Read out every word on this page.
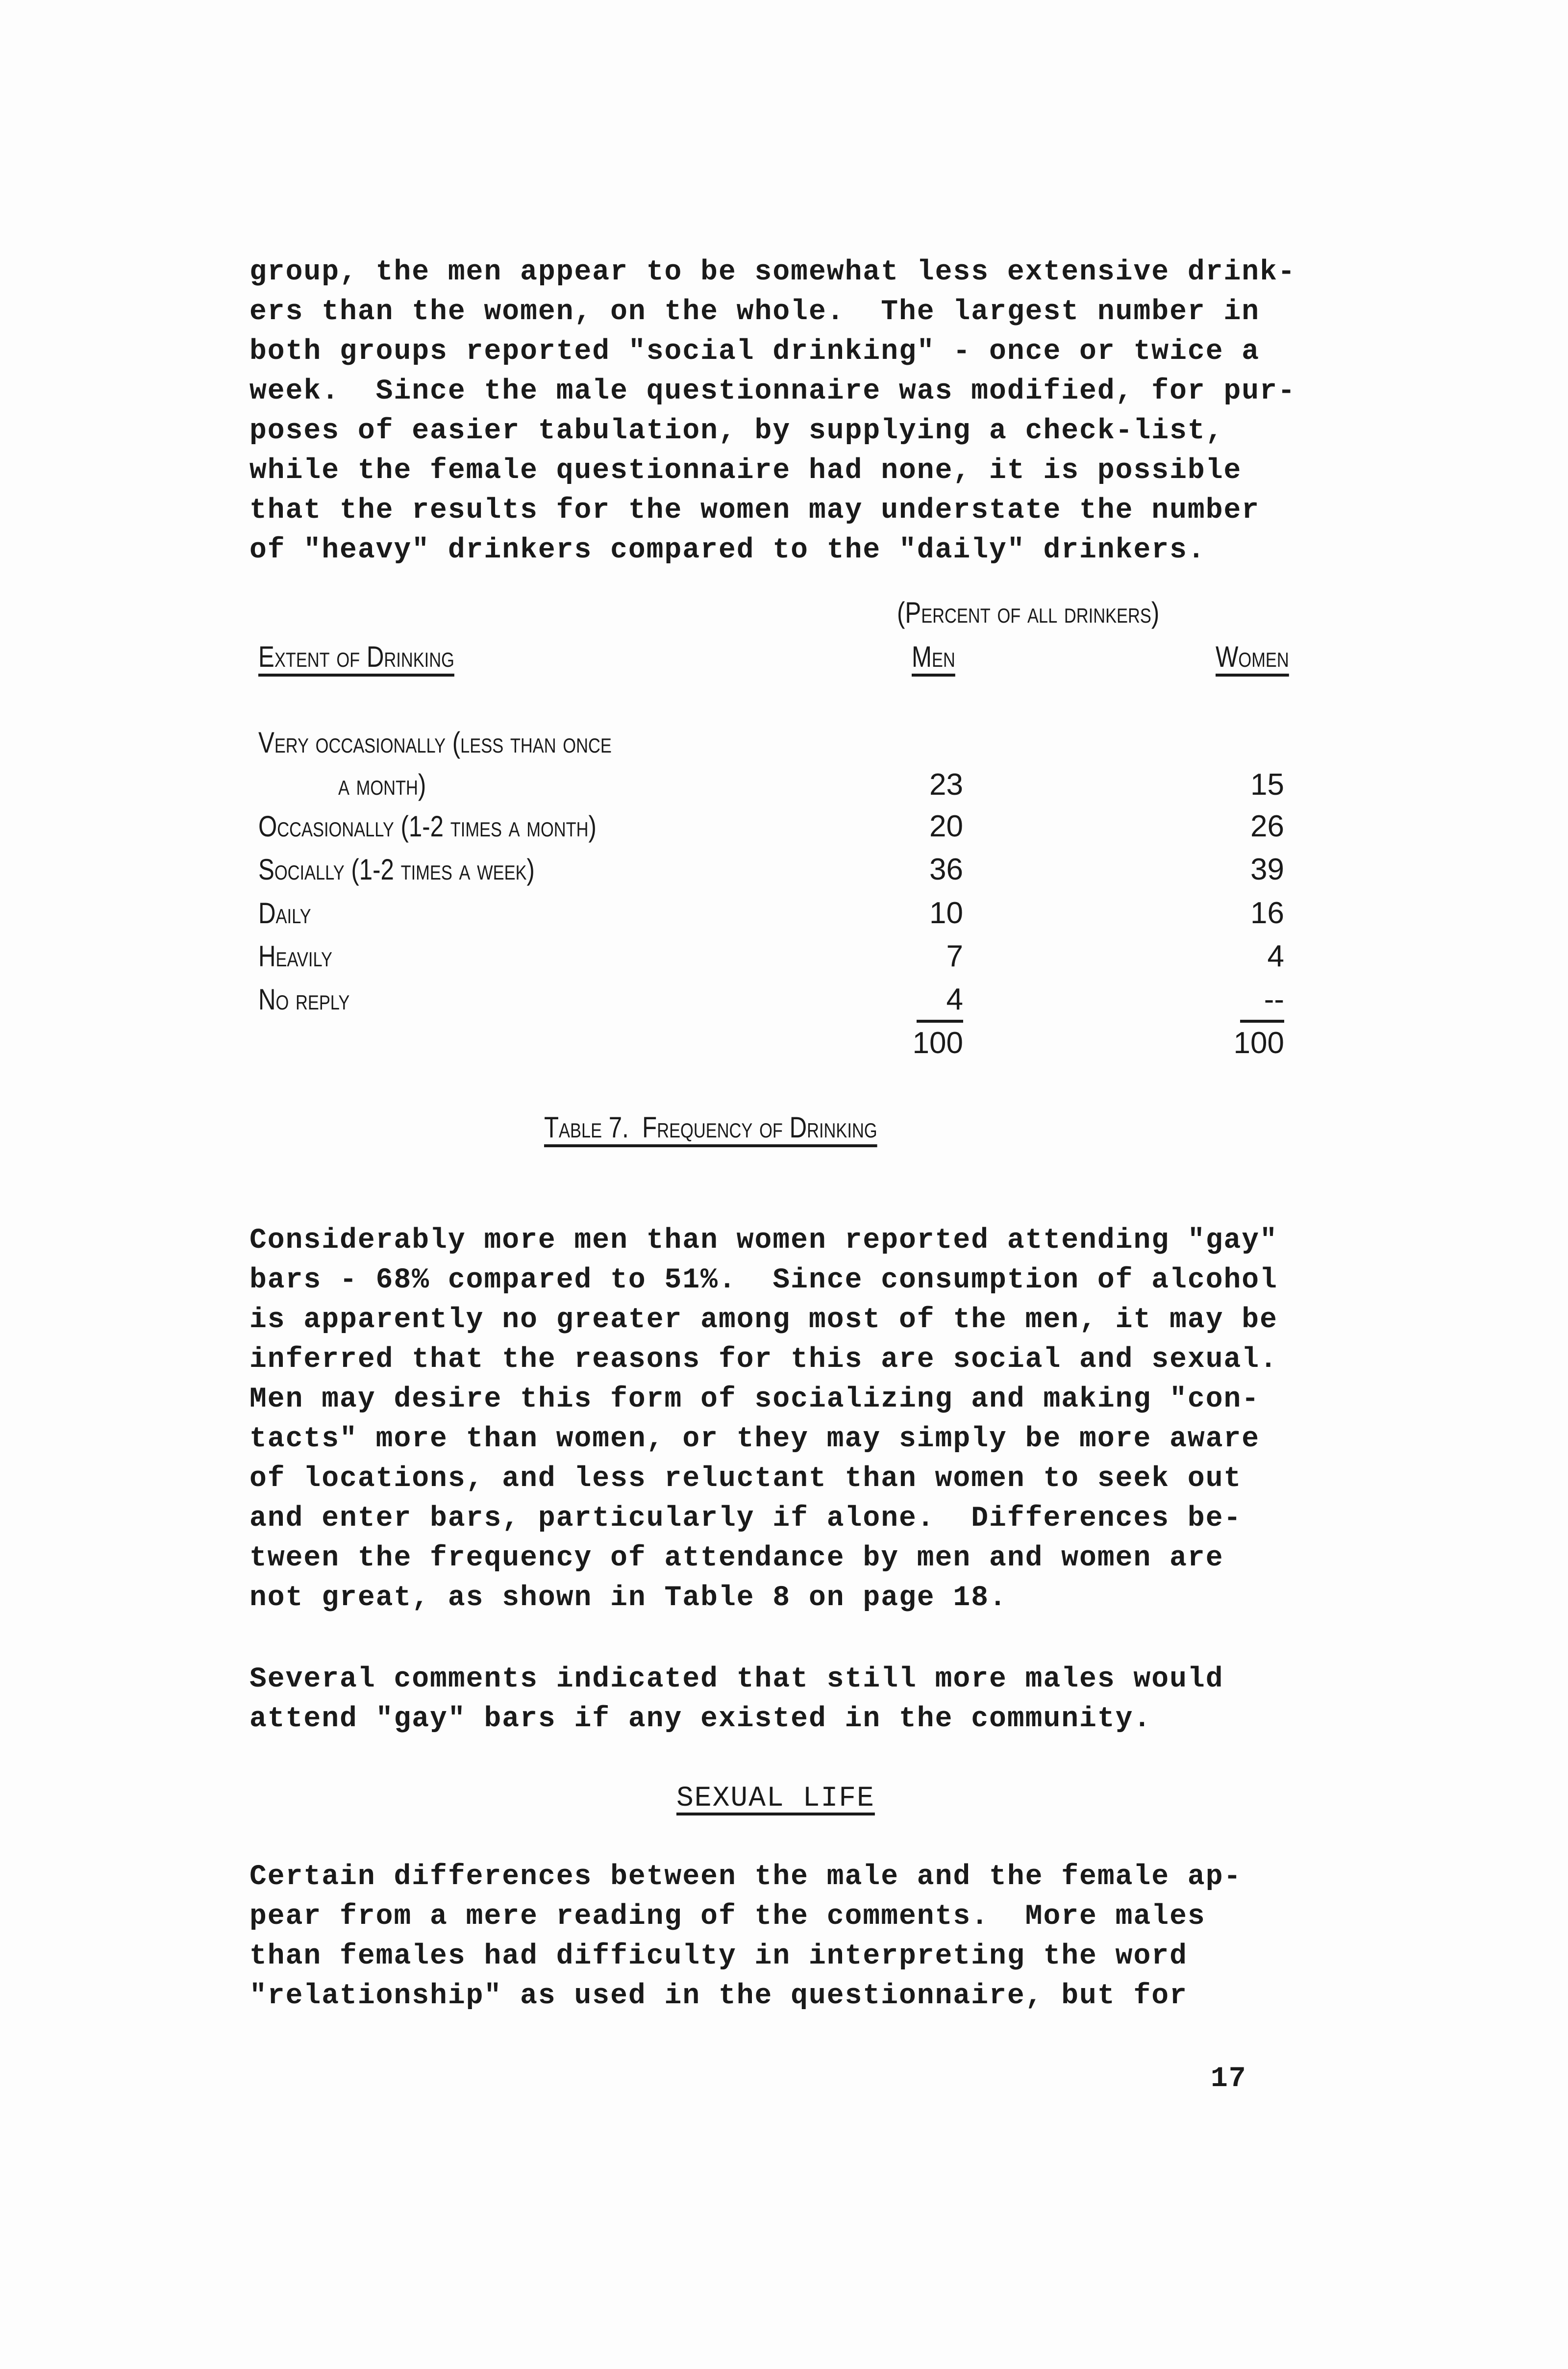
group, the men appear to be somewhat less extensive drink-
ers than the women, on the whole.  The largest number in
both groups reported "social drinking" - once or twice a
week.  Since the male questionnaire was modified, for pur-
poses of easier tabulation, by supplying a check-list,
while the female questionnaire had none, it is possible
that the results for the women may understate the number
of "heavy" drinkers compared to the "daily" drinkers.
(Percent of all drinkers)
Extent of Drinking	Men	Women
Very occasionally (less than once
a month)	23	15
Occasionally (1-2 times a month)	20	26
Socially (1-2 times a week)	36	39
Daily	10	16
Heavily	7	4
No reply	4	--
100	100
Table 7.  Frequency of Drinking
Considerably more men than women reported attending "gay"
bars - 68% compared to 51%.  Since consumption of alcohol
is apparently no greater among most of the men, it may be
inferred that the reasons for this are social and sexual.
Men may desire this form of socializing and making "con-
tacts" more than women, or they may simply be more aware
of locations, and less reluctant than women to seek out
and enter bars, particularly if alone.  Differences be-
tween the frequency of attendance by men and women are
not great, as shown in Table 8 on page 18.
Several comments indicated that still more males would
attend "gay" bars if any existed in the community.
SEXUAL LIFE
Certain differences between the male and the female ap-
pear from a mere reading of the comments.  More males
than females had difficulty in interpreting the word
"relationship" as used in the questionnaire, but for
17
